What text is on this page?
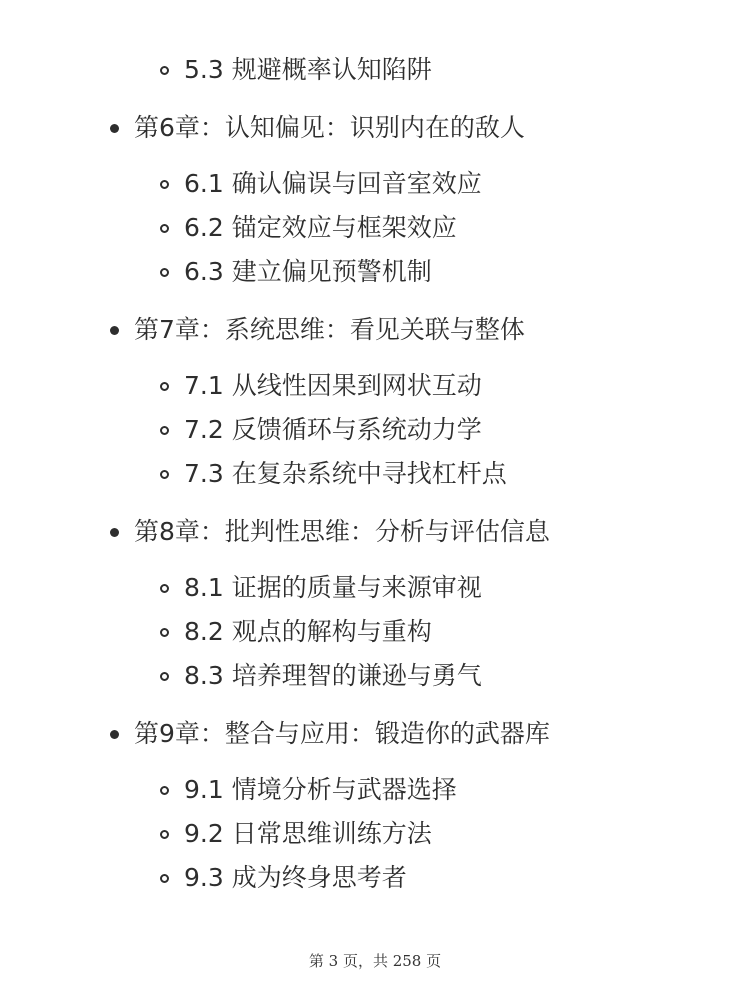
5.3 规避概率认知陷阱
第6章：认知偏见：识别内在的敌人
6.1 确认偏误与回音室效应
6.2 锚定效应与框架效应
6.3 建立偏见预警机制
第7章：系统思维：看见关联与整体
7.1 从线性因果到网状互动
7.2 反馈循环与系统动力学
7.3 在复杂系统中寻找杠杆点
第8章：批判性思维：分析与评估信息
8.1 证据的质量与来源审视
8.2 观点的解构与重构
8.3 培养理智的谦逊与勇气
第9章：整合与应用：锻造你的武器库
9.1 情境分析与武器选择
9.2 日常思维训练方法
9.3 成为终身思考者
第 3 页，共 258 页
